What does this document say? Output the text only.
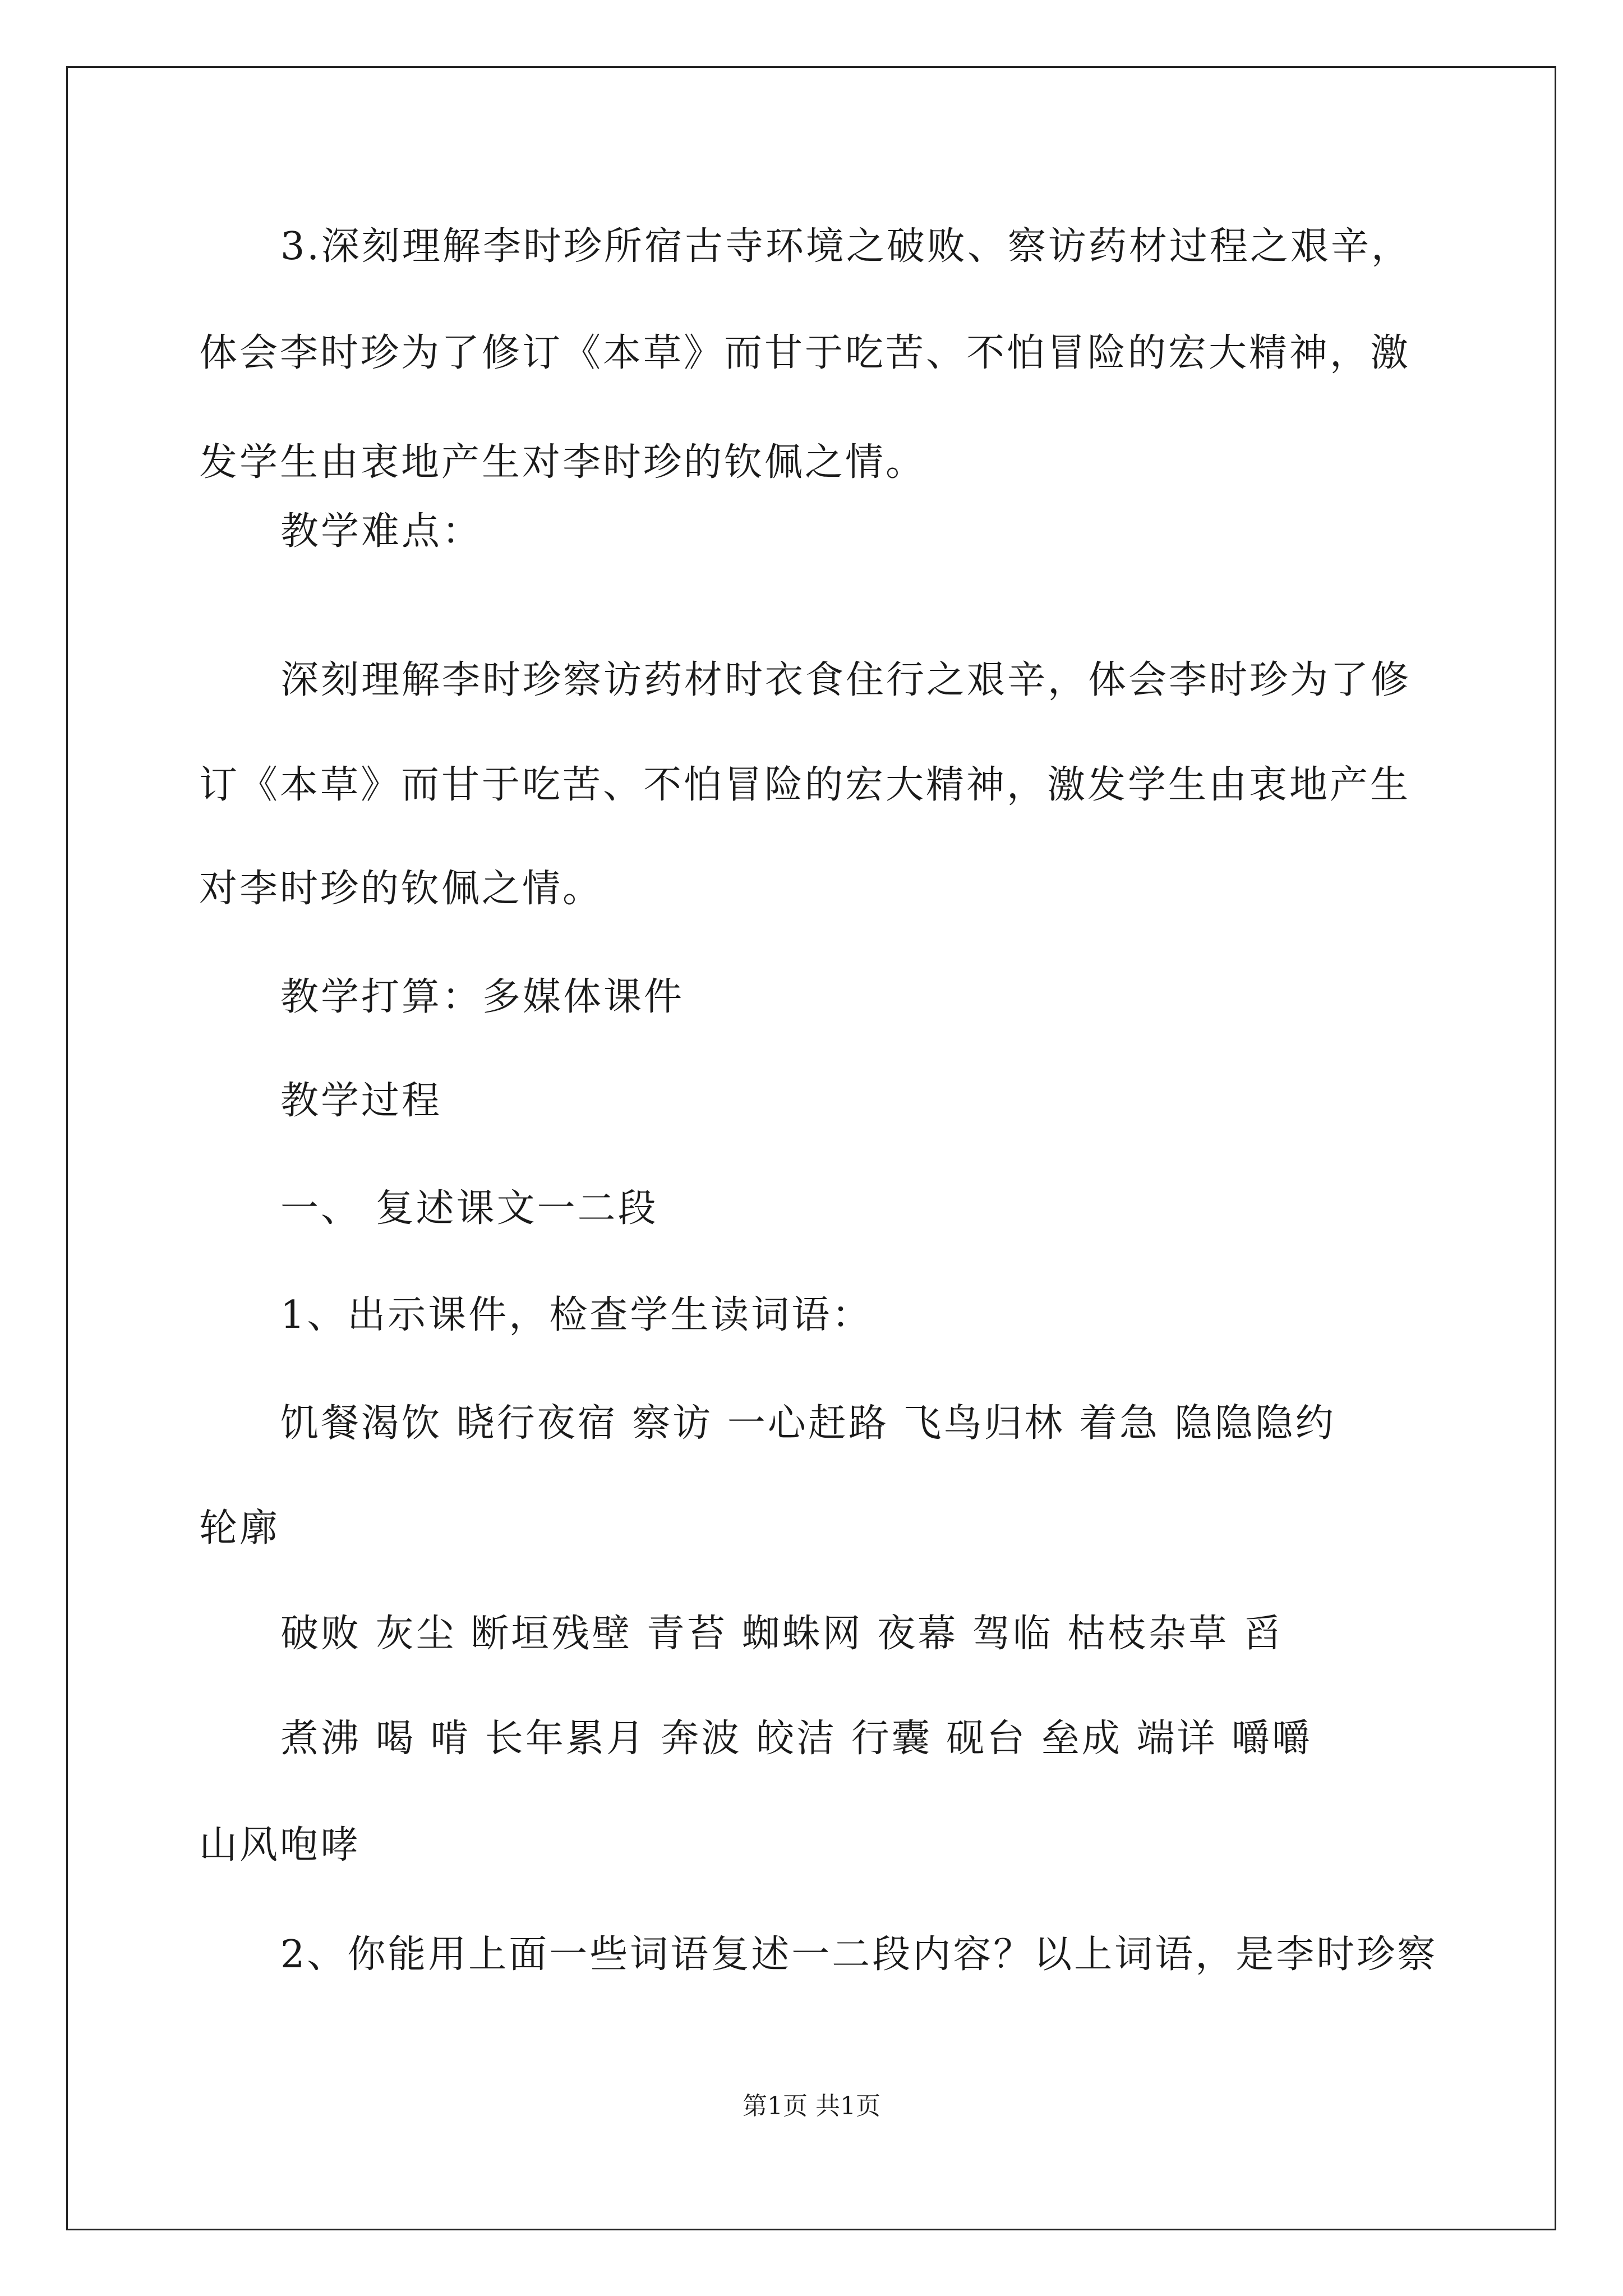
3.深刻理解李时珍所宿古寺环境之破败、察访药材过程之艰辛，
体会李时珍为了修订《本草》而甘于吃苦、不怕冒险的宏大精神，激
发学生由衷地产生对李时珍的钦佩之情。
教学难点：
深刻理解李时珍察访药材时衣食住行之艰辛，体会李时珍为了修
订《本草》而甘于吃苦、不怕冒险的宏大精神，激发学生由衷地产生
对李时珍的钦佩之情。
教学打算：多媒体课件
教学过程
一、 复述课文一二段
1、出示课件，检查学生读词语：
饥餐渴饮 晓行夜宿 察访 一心赶路 飞鸟归林 着急 隐隐隐约
轮廓
破败 灰尘 断垣残壁 青苔 蜘蛛网 夜幕 驾临 枯枝杂草 舀
煮沸 喝 啃 长年累月 奔波 皎洁 行囊 砚台 垒成 端详 嚼嚼
山风咆哮
2、你能用上面一些词语复述一二段内容？以上词语，是李时珍察
第1页 共1页
